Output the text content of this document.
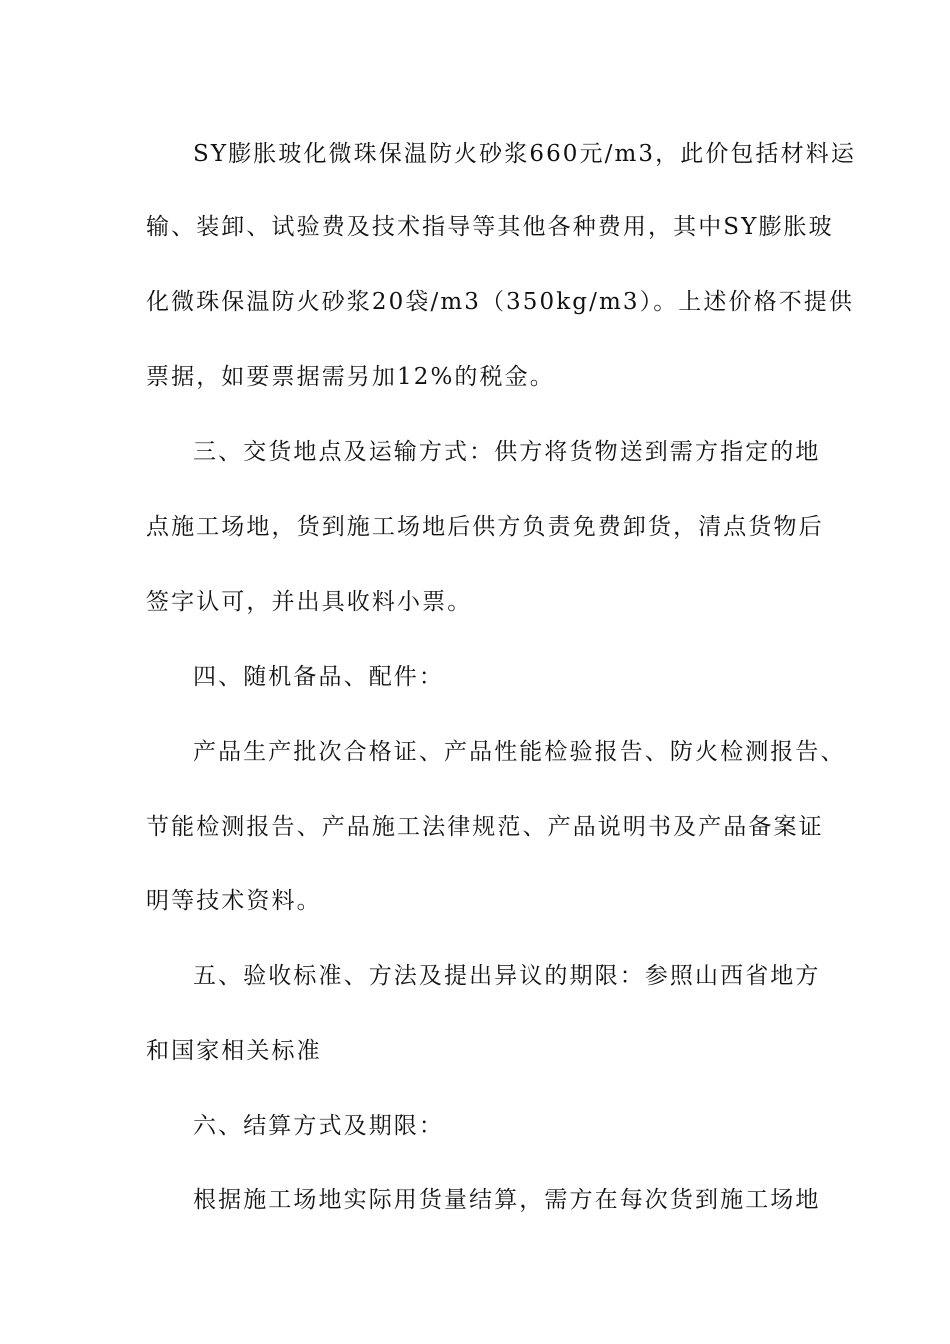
SY膨胀玻化微珠保温防火砂浆660元/m3，此价包括材料运
输、装卸、试验费及技术指导等其他各种费用，其中SY膨胀玻
化微珠保温防火砂浆20袋/m3（350kg/m3）。上述价格不提供
票据，如要票据需另加12%的税金。
三、交货地点及运输方式：供方将货物送到需方指定的地
点施工场地，货到施工场地后供方负责免费卸货，清点货物后
签字认可，并出具收料小票。
四、随机备品、配件：
产品生产批次合格证、产品性能检验报告、防火检测报告、
节能检测报告、产品施工法律规范、产品说明书及产品备案证
明等技术资料。
五、验收标准、方法及提出异议的期限：参照山西省地方
和国家相关标准
六、结算方式及期限：
根据施工场地实际用货量结算，需方在每次货到施工场地
